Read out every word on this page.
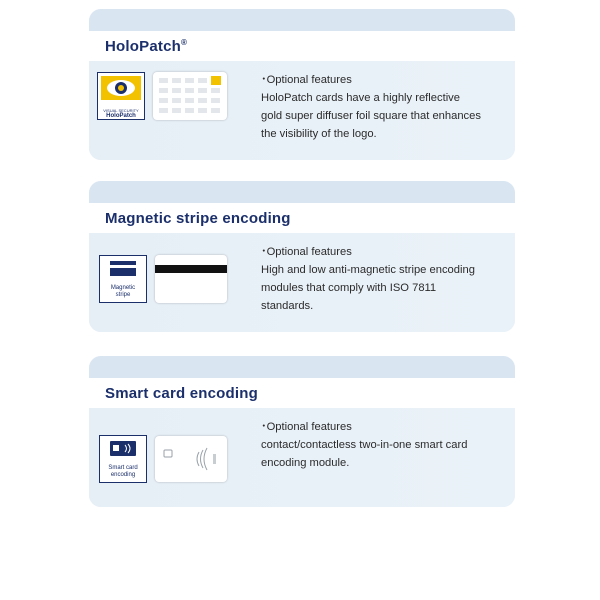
HoloPatch®
VISUAL SECURITY
HoloPatch
･Optional features
HoloPatch cards have a highly reflective
gold super diffuser foil square that enhances
the visibility of the logo.
Magnetic stripe encoding
Magnetic
stripe
･Optional features
High and low anti-magnetic stripe encoding
modules that comply with ISO 7811
standards.
Smart card encoding
Smart card
encoding
･Optional features
contact/contactless two-in-one smart card
encoding module.
